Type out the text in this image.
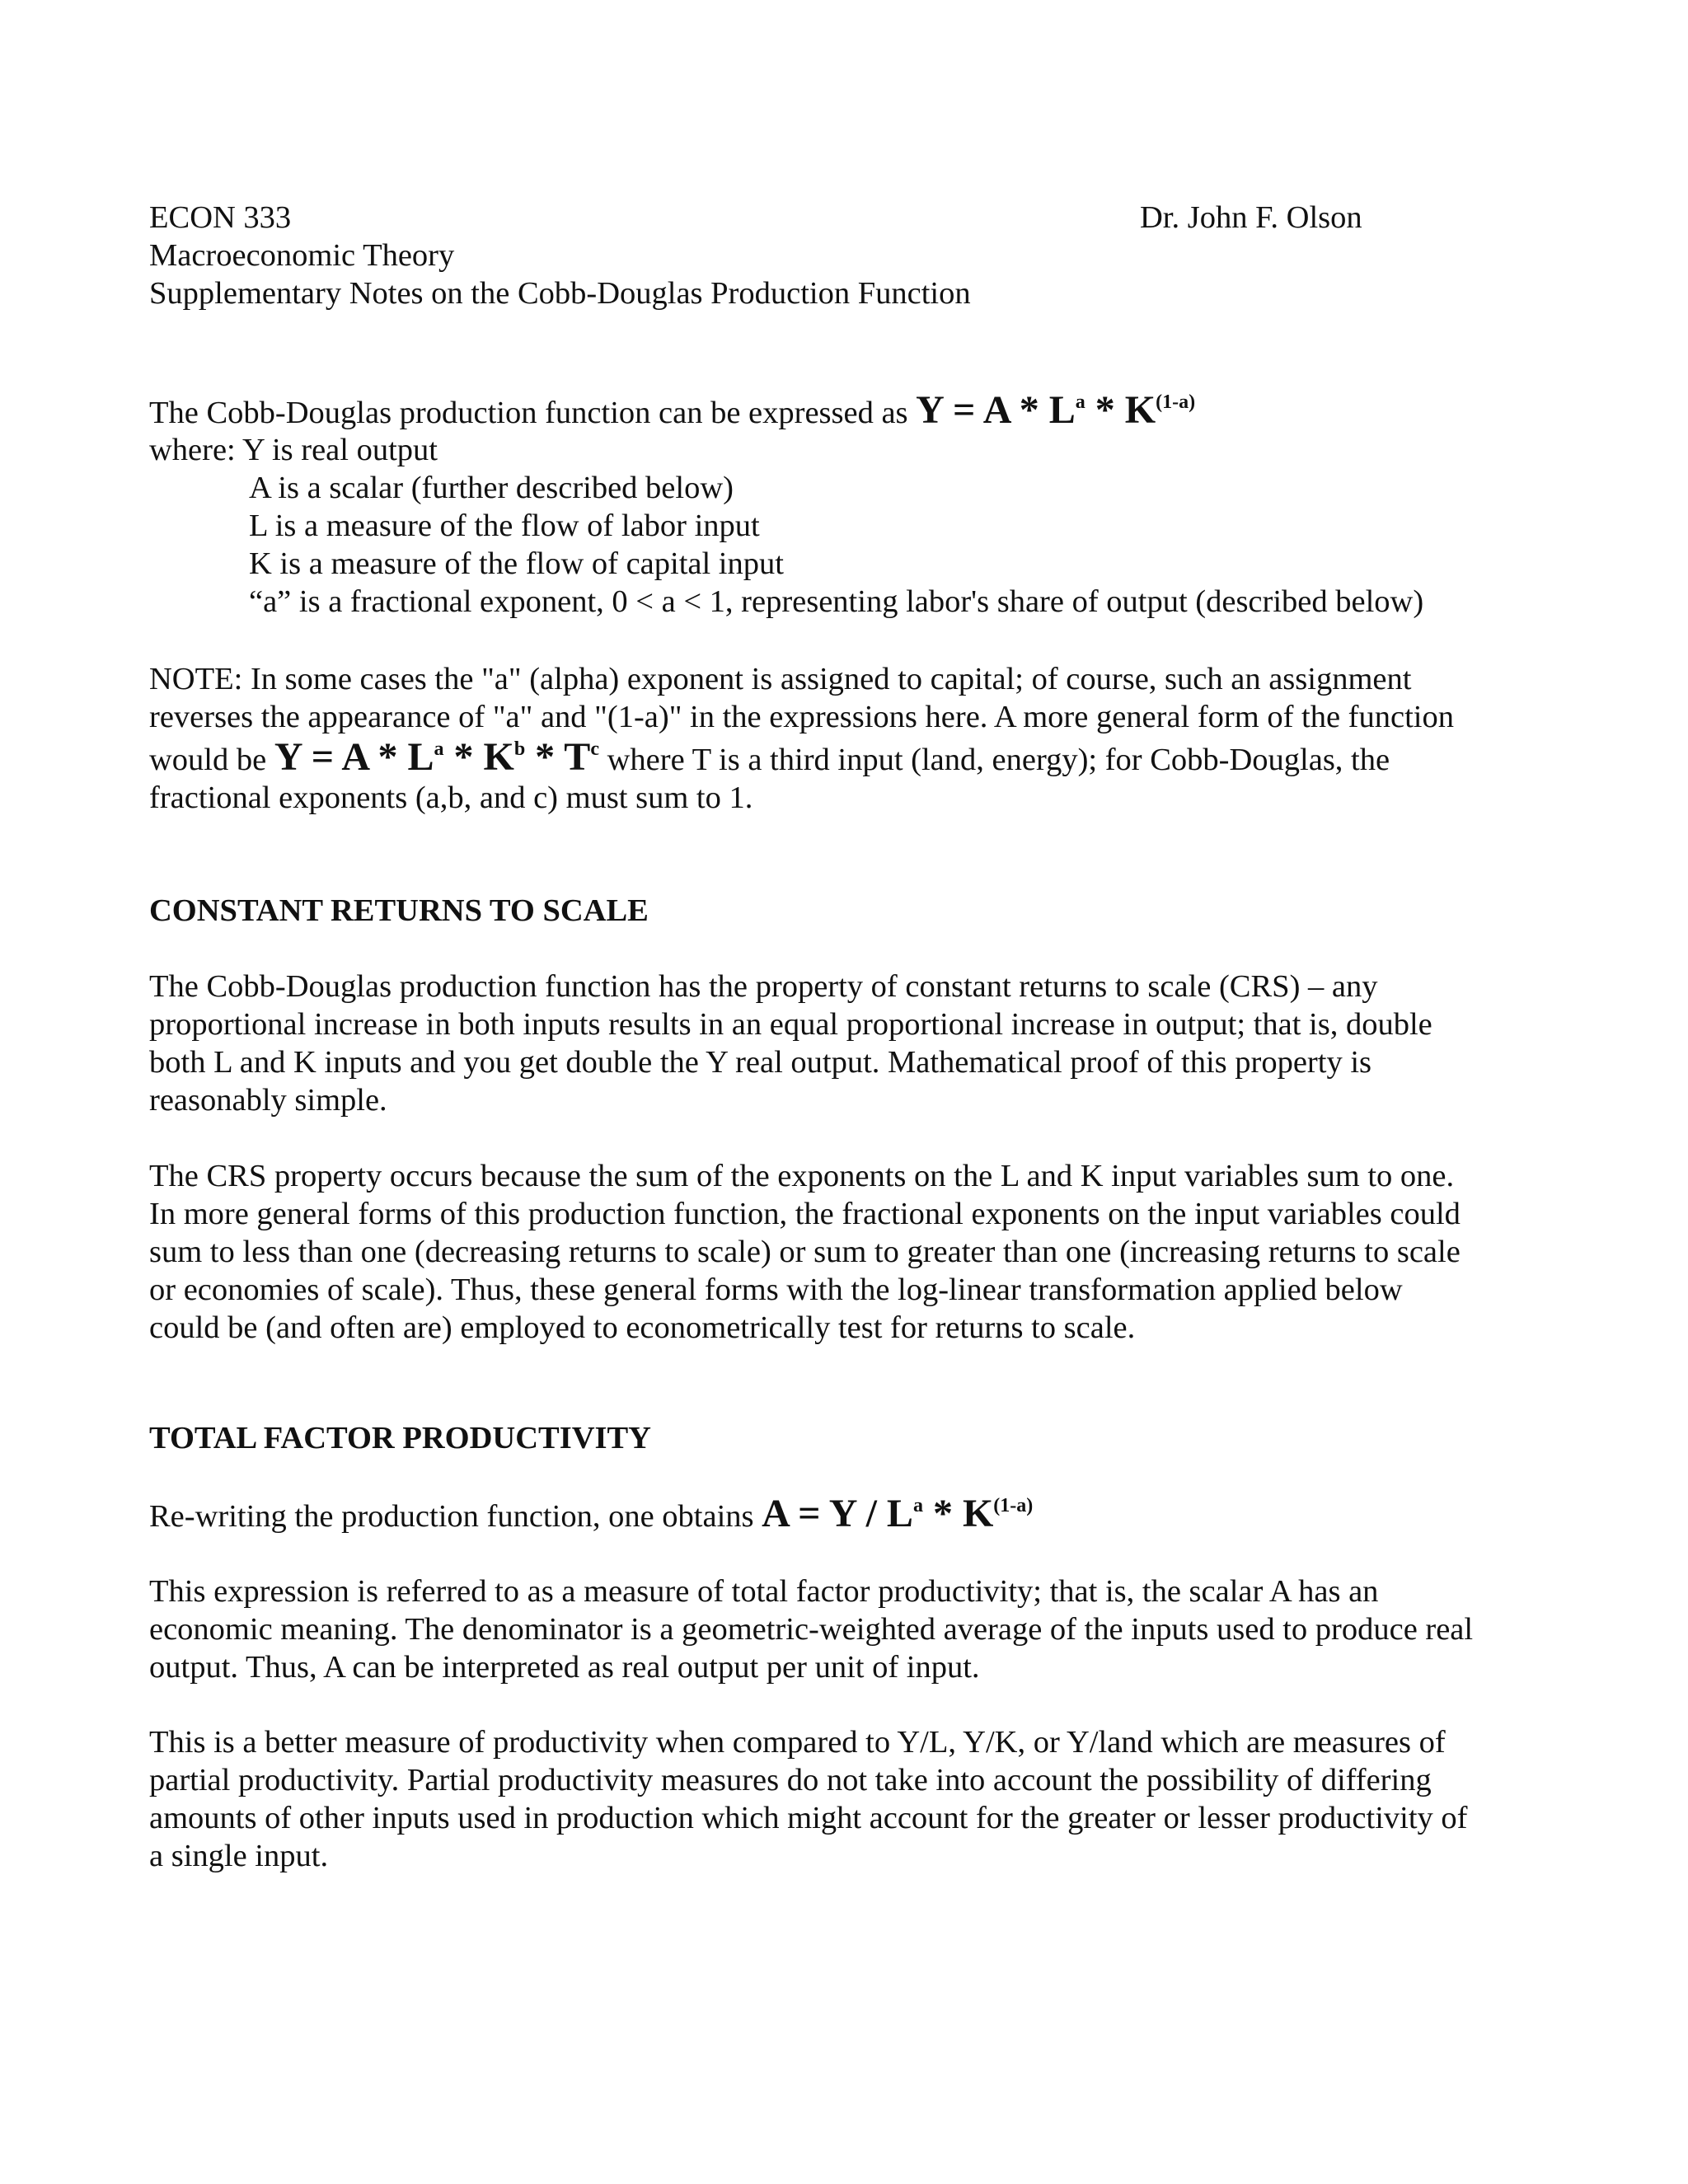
ECON 333
Macroeconomic Theory
Supplementary Notes on the Cobb-Douglas Production Function
Dr. John F. Olson
The Cobb-Douglas production function can be expressed as $Y = A * L^a * K^{(1-a)}$
where: Y is real output
A is a scalar (further described below)
L is a measure of the flow of labor input
K is a measure of the flow of capital input
“a” is a fractional exponent, 0 < a < 1, representing labor's share of output (described below)
NOTE: In some cases the "a" (alpha) exponent is assigned to capital; of course, such an assignment
reverses the appearance of "a" and "(1-a)" in the expressions here. A more general form of the function
would be $Y = A * L^a * K^b * T^c$ where T is a third input (land, energy); for Cobb-Douglas, the
fractional exponents (a,b, and c) must sum to 1.
CONSTANT RETURNS TO SCALE
The Cobb-Douglas production function has the property of constant returns to scale (CRS) – any
proportional increase in both inputs results in an equal proportional increase in output; that is, double
both L and K inputs and you get double the Y real output. Mathematical proof of this property is
reasonably simple.
The CRS property occurs because the sum of the exponents on the L and K input variables sum to one.
In more general forms of this production function, the fractional exponents on the input variables could
sum to less than one (decreasing returns to scale) or sum to greater than one (increasing returns to scale
or economies of scale). Thus, these general forms with the log-linear transformation applied below
could be (and often are) employed to econometrically test for returns to scale.
TOTAL FACTOR PRODUCTIVITY
Re-writing the production function, one obtains $A = Y / L^a * K^{(1-a)}$
This expression is referred to as a measure of total factor productivity; that is, the scalar A has an
economic meaning. The denominator is a geometric-weighted average of the inputs used to produce real
output. Thus, A can be interpreted as real output per unit of input.
This is a better measure of productivity when compared to Y/L, Y/K, or Y/land which are measures of
partial productivity. Partial productivity measures do not take into account the possibility of differing
amounts of other inputs used in production which might account for the greater or lesser productivity of
a single input.
